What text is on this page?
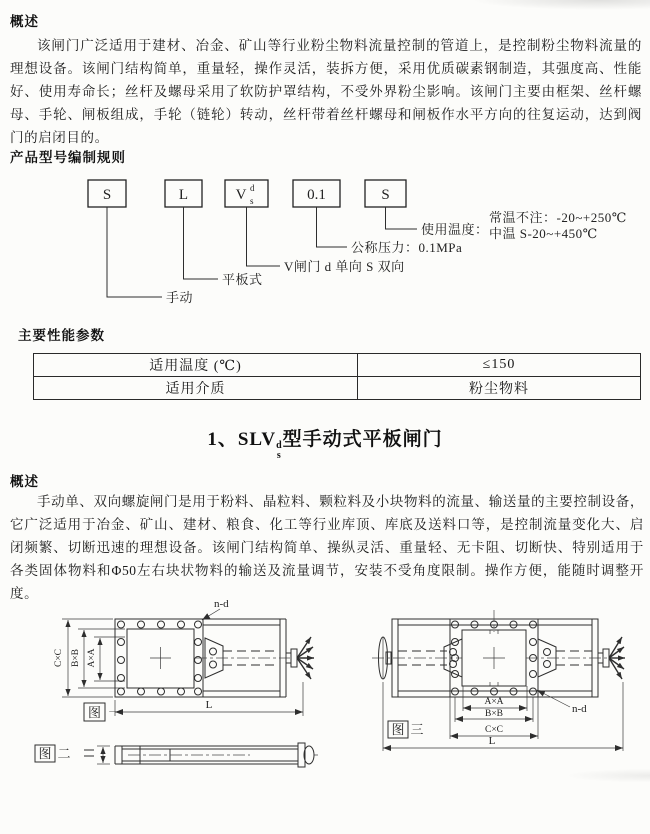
概述
该闸门广泛适用于建材、冶金、矿山等行业粉尘物料流量控制的管道上，是控制粉尘物料流量的理想设备。该闸门结构简单，重量轻，操作灵活，装拆方便，采用优质碳素钢制造，其强度高、性能好、使用寿命长；丝杆及螺母采用了软防护罩结构，不受外界粉尘影响。该闸门主要由框架、丝杆螺母、手轮、闸板组成，手轮（链轮）转动，丝杆带着丝杆螺母和闸板作水平方向的往复运动，达到阀门的启闭目的。
产品型号编制规则
S	L	V d
s	0.1	S
使用温度：
常温不注：-20~+250℃
中温 S-20~+450℃
公称压力：0.1MPa
V闸门 d 单向 S 双向
平板式
手动
主要性能参数
适用温度 (℃)	≤150
适用介质	粉尘物料
1、SLV d
s
型手动式平板闸门
概述
手动单、双向螺旋闸门是用于粉料、晶粒料、颗粒料及小块物料的流量、输送量的主要控制设备，它广泛适用于冶金、矿山、建材、粮食、化工等行业库顶、库底及送料口等，是控制流量变化大、启闭频繁、切断迅速的理想设备。该闸门结构简单、操纵灵活、重量轻、无卡阻、切断快、特别适用于各类固体物料和Φ50左右块状物料的输送及流量调节，安装不受角度限制。操作方便，能随时调整开度。
C×C B×B A×A
n-d
L
图 一
图 二
n-d
A×A
B×B
C×C
L
图 三
